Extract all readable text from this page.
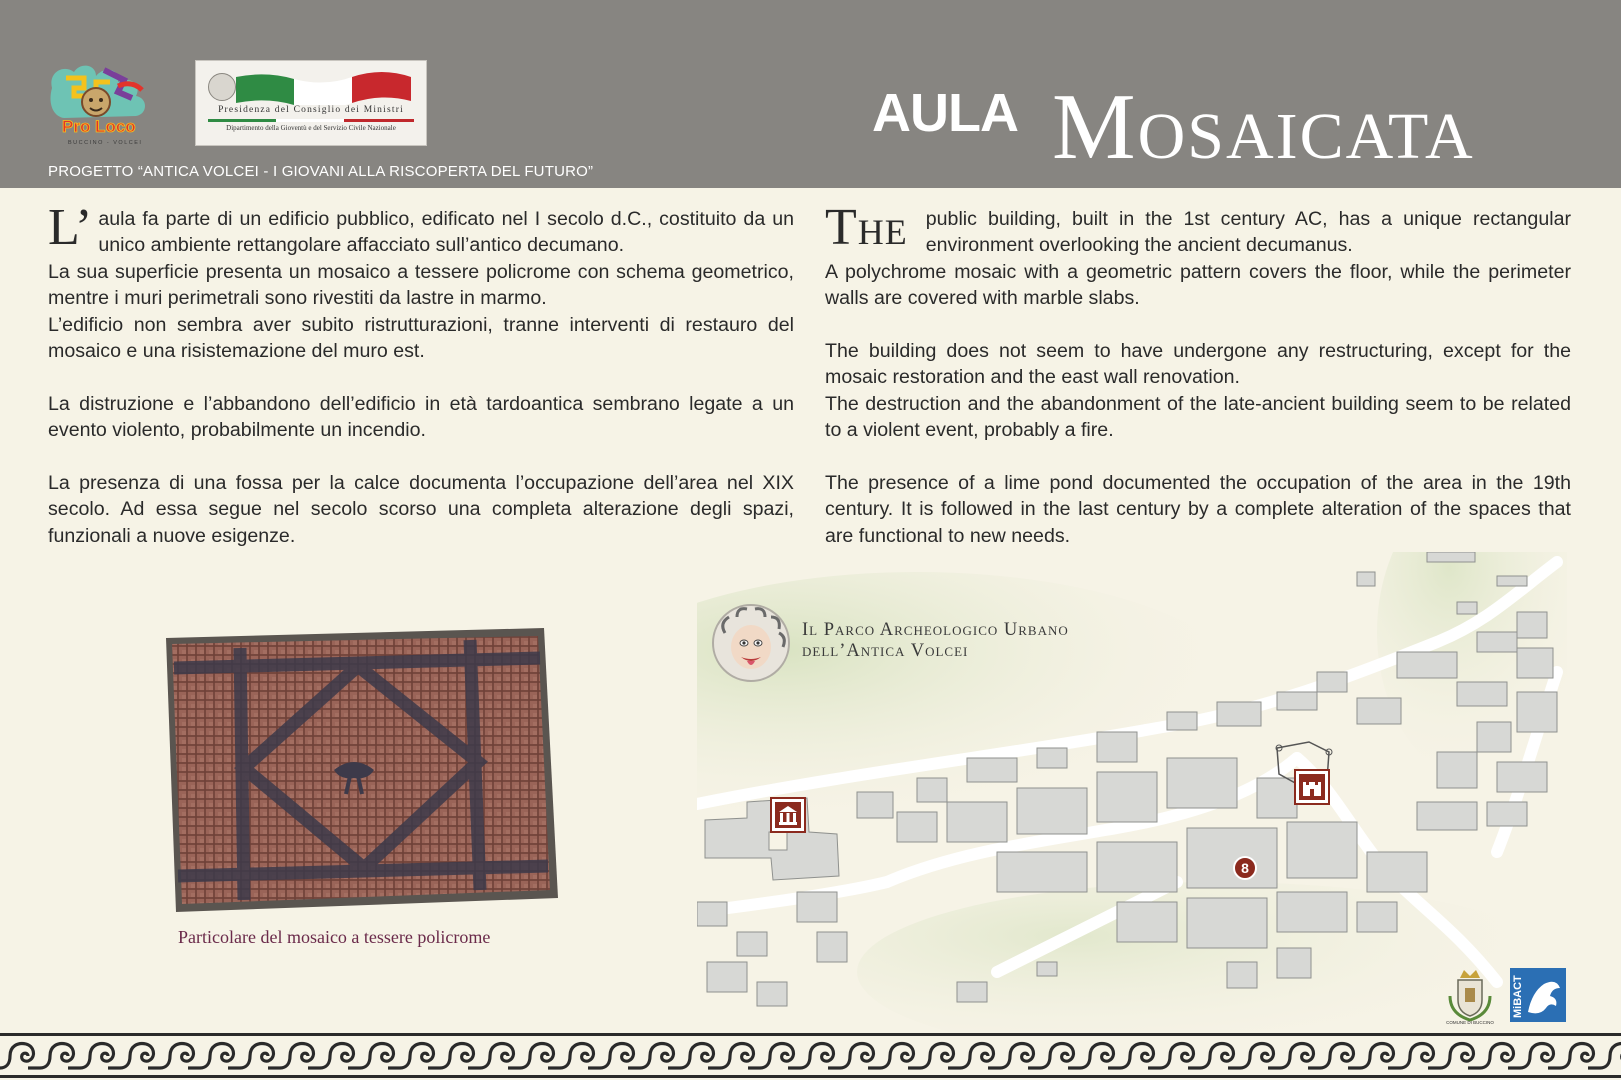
Pro Loco
BUCCINO - VOLCEI
Presidenza del Consiglio dei Ministri
Dipartimento della Gioventù e del Servizio Civile Nazionale
PROGETTO “ANTICA VOLCEI - I GIOVANI ALLA RISCOPERTA DEL FUTURO”
AULA Mosaicata
L’ aula fa parte di un edificio pubblico, edificato nel I secolo d.C., costituito da un unico ambiente rettangolare affacciato sull’antico decumano.

La sua superficie presenta un mosaico a tessere policrome con schema geometrico, mentre i muri perimetrali sono rivestiti da lastre in marmo.

L’edificio non sembra aver subito ristrutturazioni, tranne interventi di restauro del mosaico e una risistemazione del muro est.

La distruzione e l’abbandono dell’edificio in età tardoantica sembrano legate a un evento violento, probabilmente un incendio.

La presenza di una fossa per la calce documenta l’occupazione dell’area nel XIX secolo. Ad essa segue nel secolo scorso una completa alterazione degli spazi, funzionali a nuove esigenze.

The public building, built in the 1st century AC, has a unique rectangular environment overlooking the ancient decumanus.

A polychrome mosaic with a geometric pattern covers the floor, while the perimeter walls are covered with marble slabs.

The building does not seem to have undergone any restructuring, except for the mosaic restoration and the east wall renovation.

The destruction and the abandonment of the late-ancient building seem to be related to a violent event, probably a fire.

The presence of a lime pond documented the occupation of the area in the 19th century. It is followed in the last century by a complete alteration of the spaces that are functional to new needs.

Particolare del mosaico a tessere policrome
8
Il Parco Archeologico Urbano
dell’Antica Volcei
COMUNE DI BUCCINO
MiBACT
